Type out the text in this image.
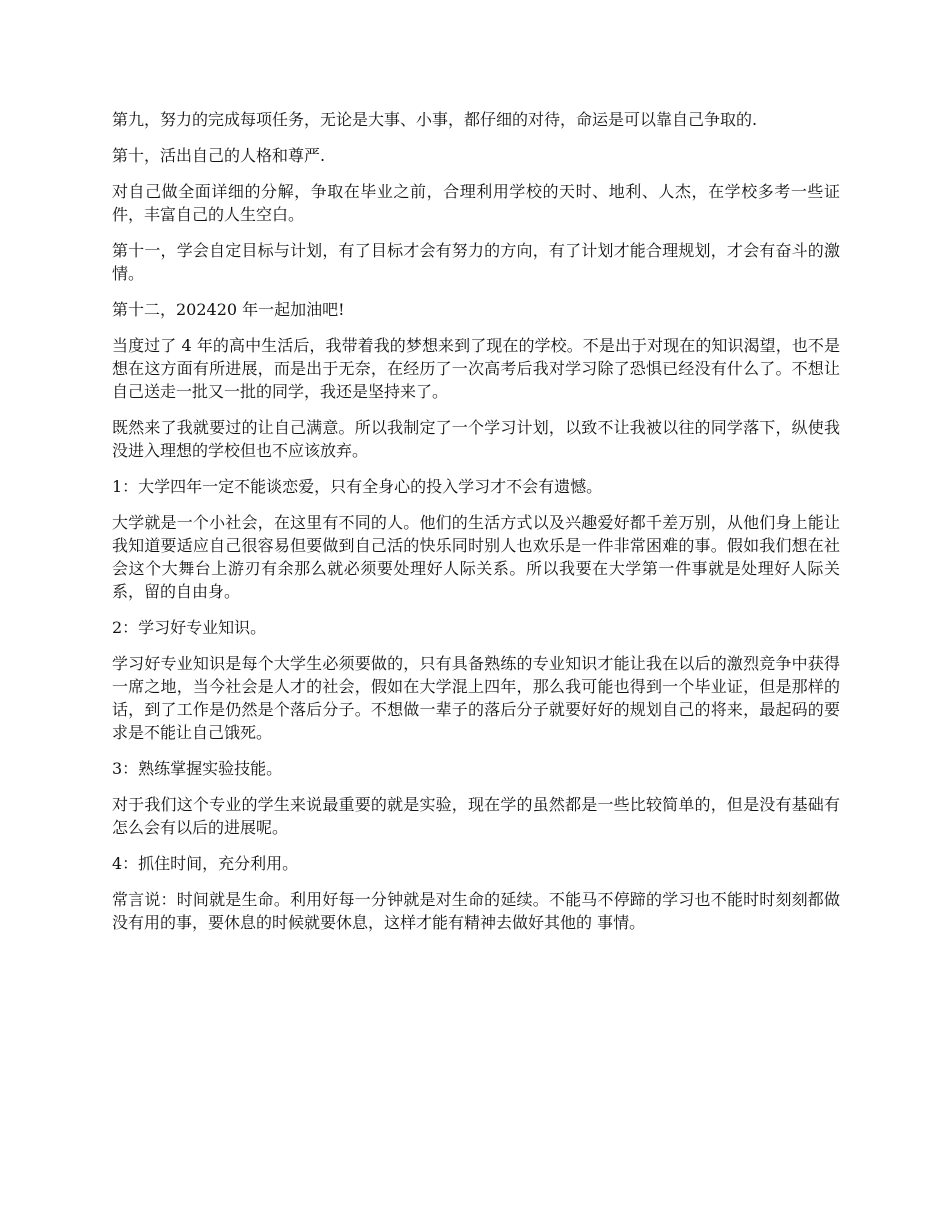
第九，努力的完成每项任务，无论是大事、小事，都仔细的对待，命运是可以靠自己争取的.

第十，活出自己的人格和尊严.

对自己做全面详细的分解，争取在毕业之前，合理利用学校的天时、地利、人杰，在学校多考一些证件，丰富自己的人生空白。

第十一，学会自定目标与计划，有了目标才会有努力的方向，有了计划才能合理规划，才会有奋斗的激情。

第十二，202420 年一起加油吧!

当度过了 4 年的高中生活后，我带着我的梦想来到了现在的学校。不是出于对现在的知识渴望，也不是想在这方面有所进展，而是出于无奈，在经历了一次高考后我对学习除了恐惧已经没有什么了。不想让自己送走一批又一批的同学，我还是坚持来了。

既然来了我就要过的让自己满意。所以我制定了一个学习计划，以致不让我被以往的同学落下，纵使我没进入理想的学校但也不应该放弃。

1：大学四年一定不能谈恋爱，只有全身心的投入学习才不会有遗憾。

大学就是一个小社会，在这里有不同的人。他们的生活方式以及兴趣爱好都千差万别，从他们身上能让我知道要适应自己很容易但要做到自己活的快乐同时别人也欢乐是一件非常困难的事。假如我们想在社会这个大舞台上游刃有余那么就必须要处理好人际关系。所以我要在大学第一件事就是处理好人际关系，留的自由身。

2：学习好专业知识。

学习好专业知识是每个大学生必须要做的，只有具备熟练的专业知识才能让我在以后的激烈竞争中获得一席之地，当今社会是人才的社会，假如在大学混上四年，那么我可能也得到一个毕业证，但是那样的话，到了工作是仍然是个落后分子。不想做一辈子的落后分子就要好好的规划自己的将来，最起码的要求是不能让自己饿死。

3：熟练掌握实验技能。

对于我们这个专业的学生来说最重要的就是实验，现在学的虽然都是一些比较简单的，但是没有基础有怎么会有以后的进展呢。

4：抓住时间，充分利用。

常言说：时间就是生命。利用好每一分钟就是对生命的延续。不能马不停蹄的学习也不能时时刻刻都做没有用的事，要休息的时候就要休息，这样才能有精神去做好其他的 事情。
